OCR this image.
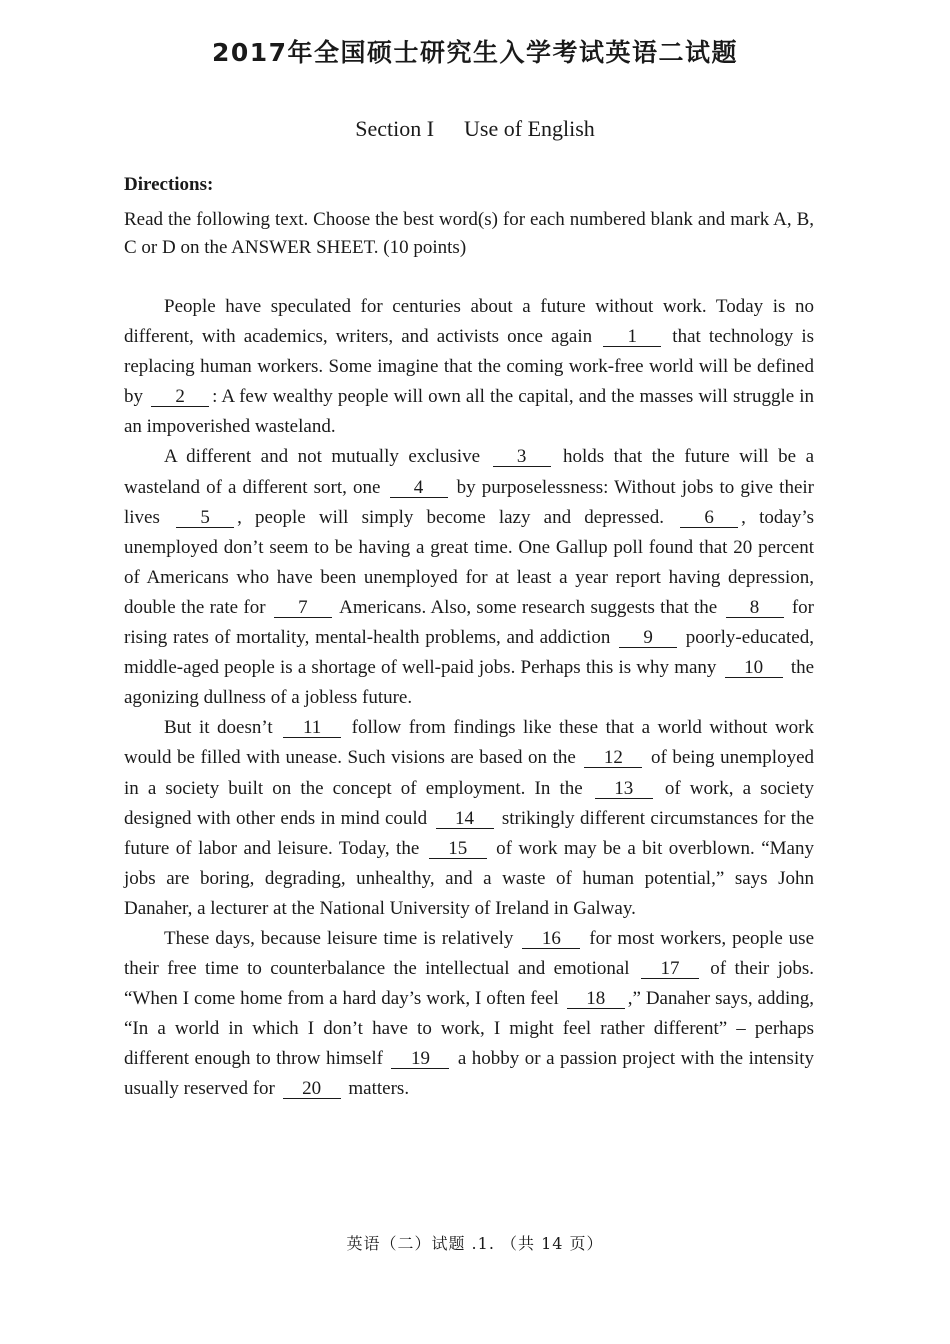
2017年全国硕士研究生入学考试英语二试题
Section I Use of English
Directions:

Read the following text. Choose the best word(s) for each numbered blank and mark A, B, C or D on the ANSWER SHEET. (10 points)

People have speculated for centuries about a future without work. Today is no different, with academics, writers, and activists once again 1 that technology is replacing human workers. Some imagine that the coming work-free world will be defined by 2 : A few wealthy people will own all the capital, and the masses will struggle in an impoverished wasteland.

A different and not mutually exclusive 3 holds that the future will be a wasteland of a different sort, one 4 by purposelessness: Without jobs to give their lives 5 , people will simply become lazy and depressed. 6 , today’s unemployed don’t seem to be having a great time. One Gallup poll found that 20 percent of Americans who have been unemployed for at least a year report having depression, double the rate for 7 Americans. Also, some research suggests that the 8 for rising rates of mortality, mental-health problems, and addiction 9 poorly-educated, middle-aged people is a shortage of well-paid jobs. Perhaps this is why many 10 the agonizing dullness of a jobless future.

But it doesn’t 11 follow from findings like these that a world without work would be filled with unease. Such visions are based on the 12 of being unemployed in a society built on the concept of employment. In the 13 of work, a society designed with other ends in mind could 14 strikingly different circumstances for the future of labor and leisure. Today, the 15 of work may be a bit overblown. “Many jobs are boring, degrading, unhealthy, and a waste of human potential,” says John Danaher, a lecturer at the National University of Ireland in Galway.

These days, because leisure time is relatively 16 for most workers, people use their free time to counterbalance the intellectual and emotional 17 of their jobs. “When I come home from a hard day’s work, I often feel 18 ,” Danaher says, adding, “In a world in which I don’t have to work, I might feel rather different” – perhaps different enough to throw himself 19 a hobby or a passion project with the intensity usually reserved for 20 matters.

英语（二）试题 .1. （共 14 页）
